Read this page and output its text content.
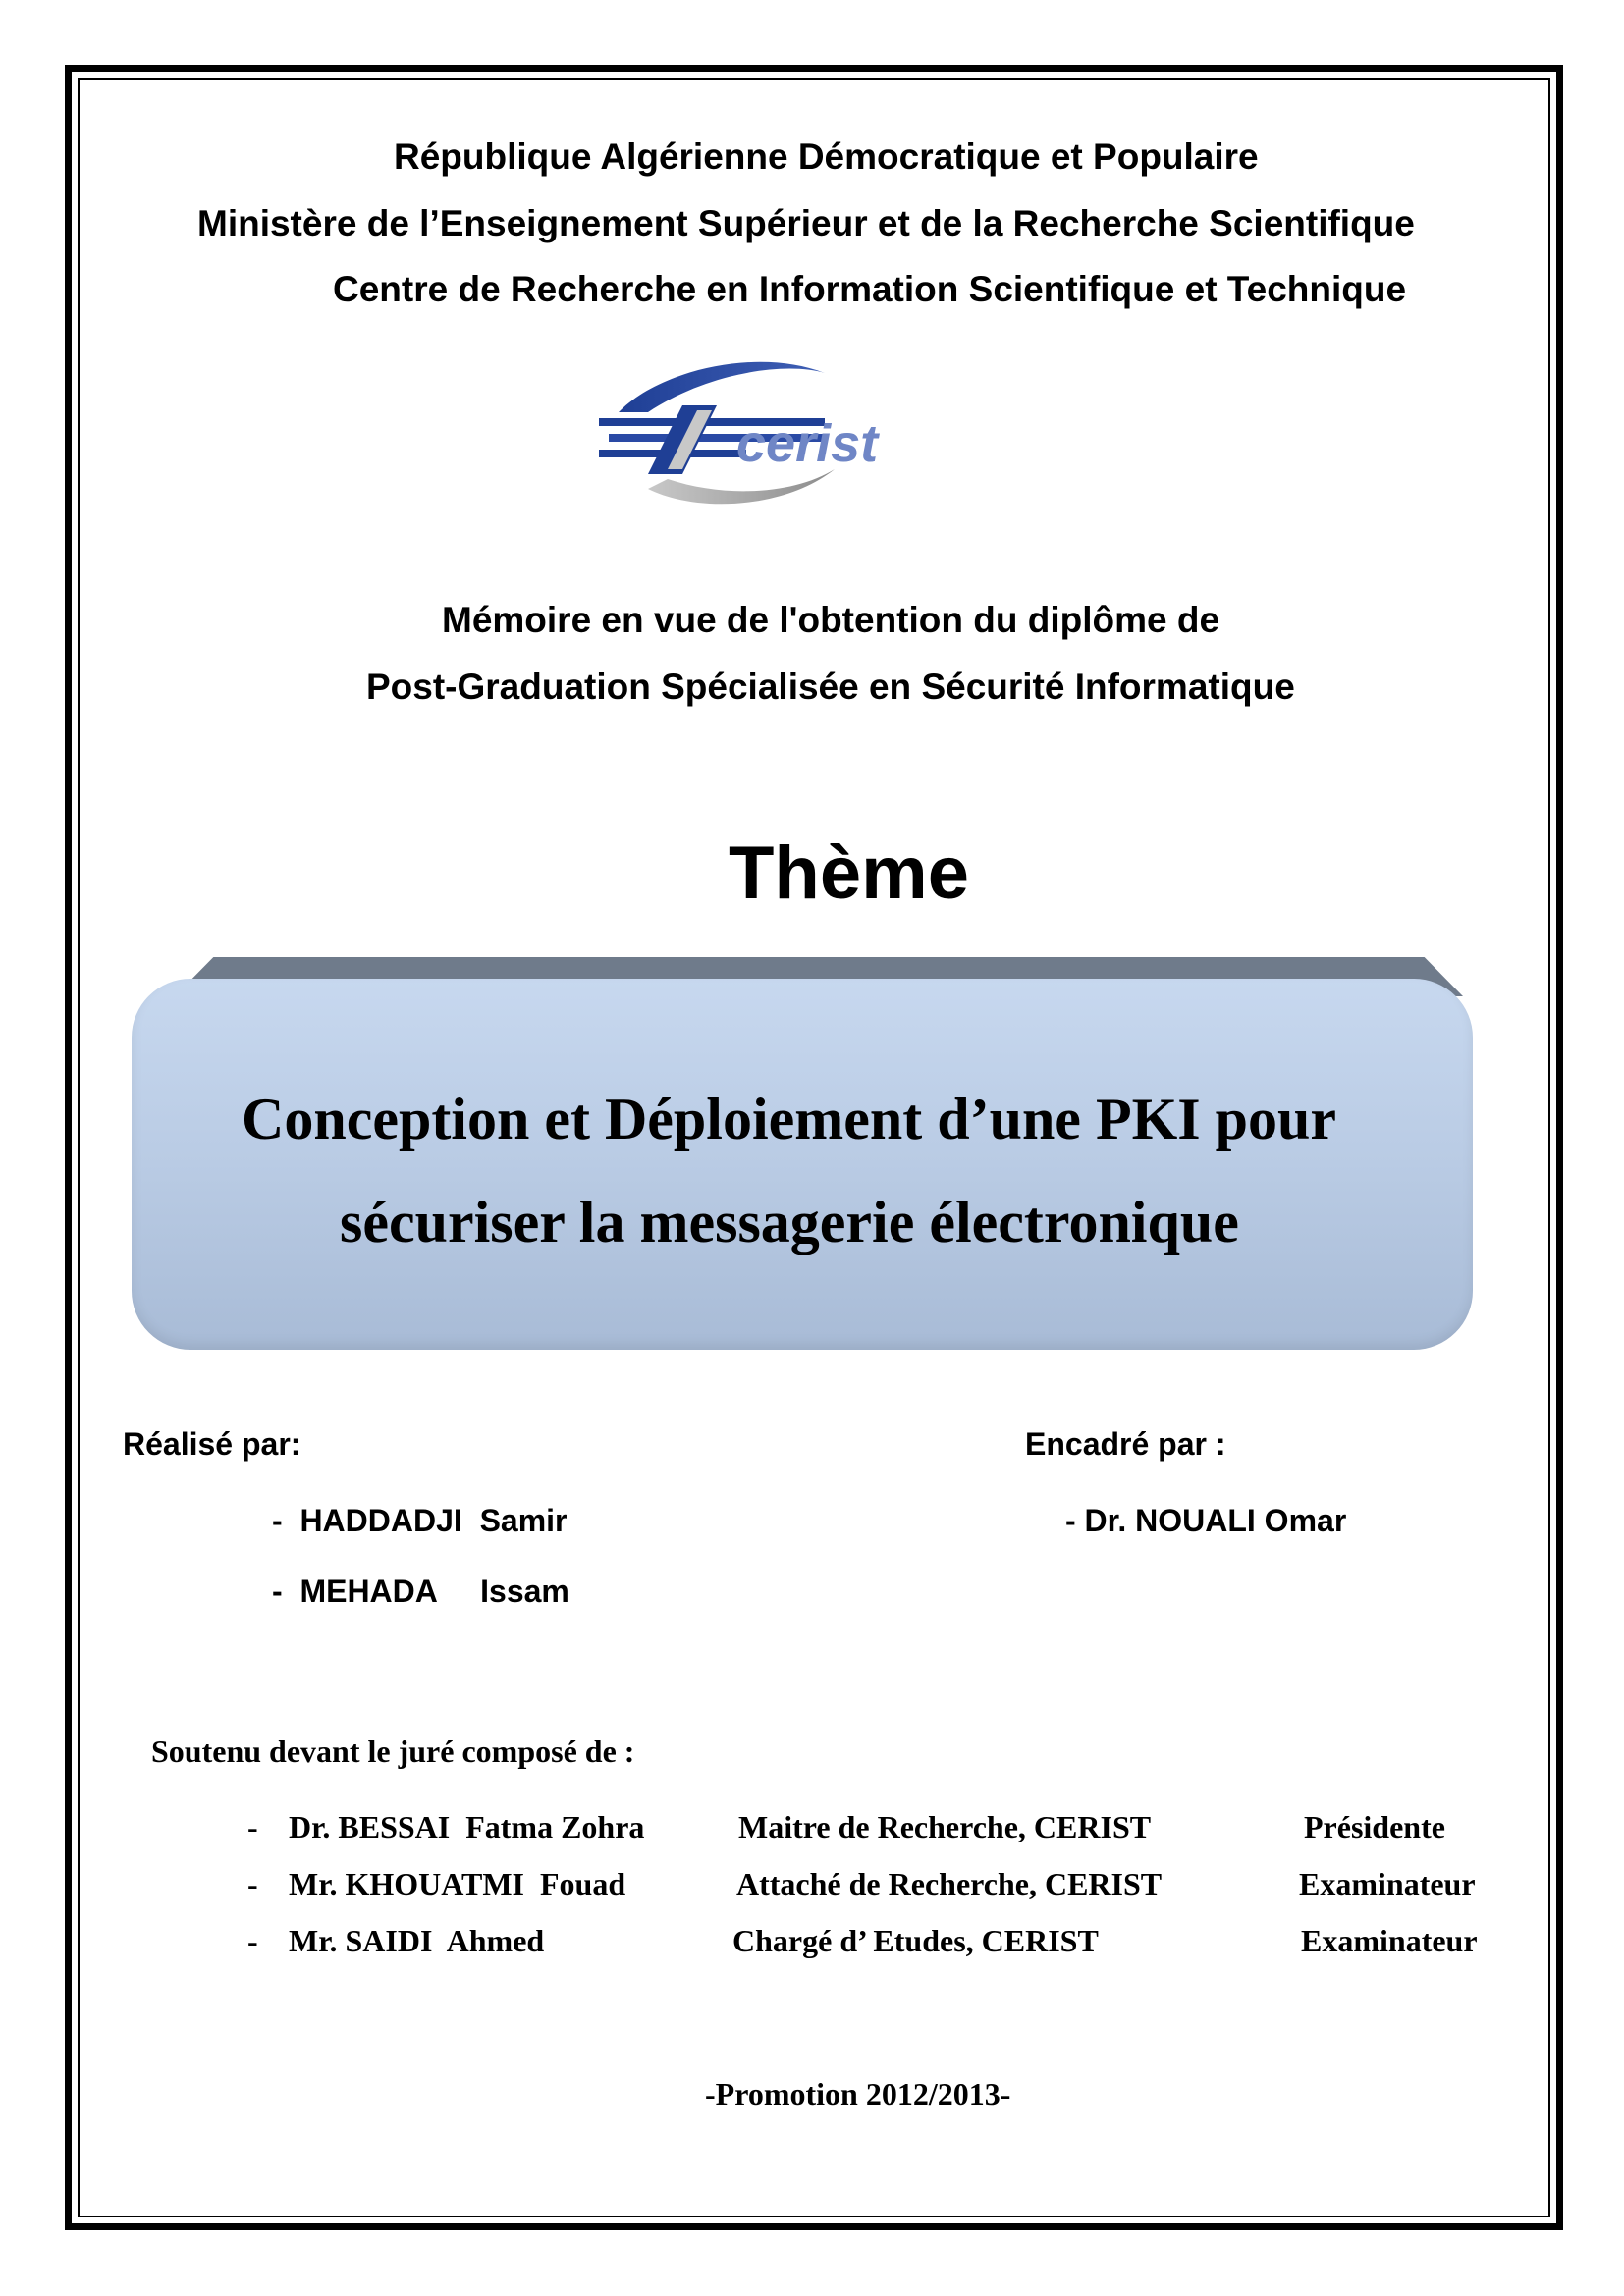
République Algérienne Démocratique et Populaire
Ministère de l’Enseignement Supérieur et de la Recherche Scientifique
Centre de Recherche en Information Scientifique et Technique
cerist
Mémoire en vue de l'obtention du diplôme de
Post-Graduation Spécialisée en Sécurité Informatique
Thème
Conception et Déploiement d’une PKI pour
sécuriser la messagerie électronique
Réalisé par:	Encadré par :
- HADDADJI  Samir
- MEHADA     Issam
- Dr. NOUALI Omar
Soutenu devant le juré composé de :
- Dr. BESSAI  Fatma Zohra	Maitre de Recherche, CERIST	Présidente
- Mr. KHOUATMI  Fouad	Attaché de Recherche, CERIST	Examinateur
- Mr. SAIDI  Ahmed	Chargé d’ Etudes, CERIST	Examinateur
-Promotion 2012/2013-
